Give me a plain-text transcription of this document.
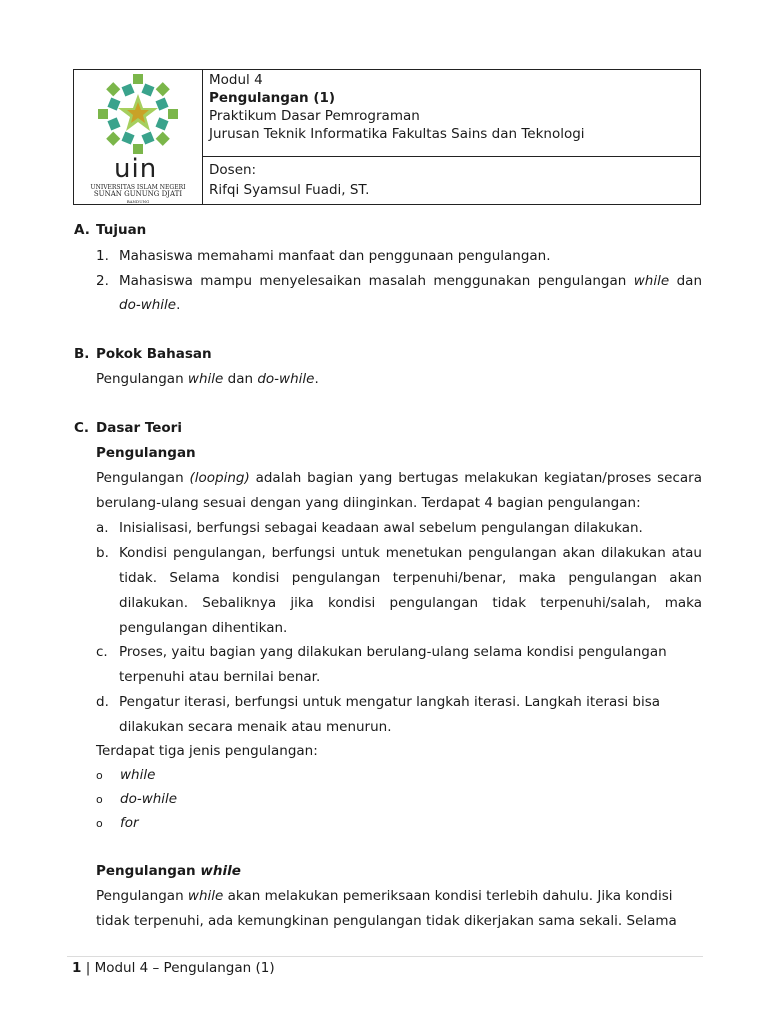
uin
UNIVERSITAS ISLAM NEGERI
SUNAN GUNUNG DJATI
BANDUNG
Modul 4
Pengulangan (1)
Praktikum Dasar Pemrograman
Jurusan Teknik Informatika Fakultas Sains dan Teknologi
Dosen:
Rifqi Syamsul Fuadi, ST.
A. Tujuan
1. Mahasiswa memahami manfaat dan penggunaan pengulangan.
2. Mahasiswa mampu menyelesaikan masalah menggunakan pengulangan while dan
do-while.
B. Pokok Bahasan
Pengulangan while dan do-while.
C. Dasar Teori
Pengulangan
Pengulangan (looping) adalah bagian yang bertugas melakukan kegiatan/proses secara
berulang-ulang sesuai dengan yang diinginkan. Terdapat 4 bagian pengulangan:
a. Inisialisasi, berfungsi sebagai keadaan awal sebelum pengulangan dilakukan.
b. Kondisi pengulangan, berfungsi untuk menetukan pengulangan akan dilakukan atau
tidak. Selama kondisi pengulangan terpenuhi/benar, maka pengulangan akan
dilakukan. Sebaliknya jika kondisi pengulangan tidak terpenuhi/salah, maka
pengulangan dihentikan.
c. Proses, yaitu bagian yang dilakukan berulang-ulang selama kondisi pengulangan
terpenuhi atau bernilai benar.
d. Pengatur iterasi, berfungsi untuk mengatur langkah iterasi. Langkah iterasi bisa
dilakukan secara menaik atau menurun.
Terdapat tiga jenis pengulangan:
o while
o do-while
o for
Pengulangan while
Pengulangan while akan melakukan pemeriksaan kondisi terlebih dahulu. Jika kondisi
tidak terpenuhi, ada kemungkinan pengulangan tidak dikerjakan sama sekali. Selama
1 | Modul 4 – Pengulangan (1)
